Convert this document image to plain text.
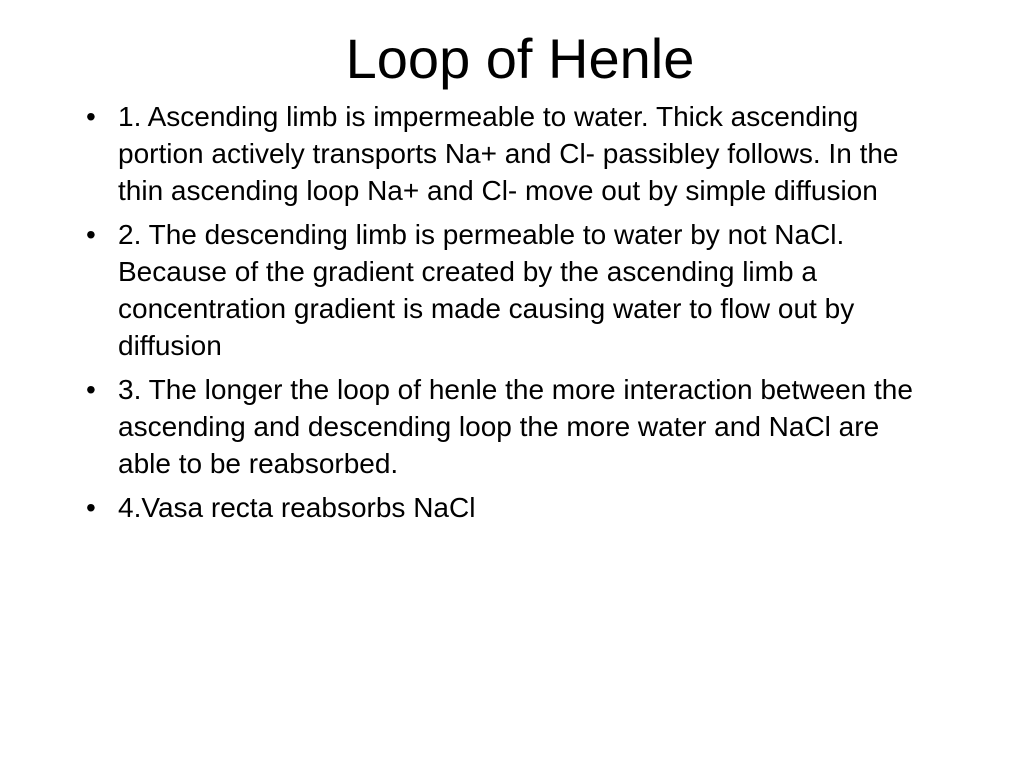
Loop of Henle
• 1. Ascending limb is impermeable to water. Thick ascending portion actively transports Na+ and Cl- passibley follows. In the thin ascending loop Na+ and Cl- move out by simple diffusion
• 2. The descending limb is permeable to water by not NaCl. Because of the gradient created by the ascending limb a concentration gradient is made causing water to flow out by diffusion
• 3. The longer the loop of henle the more interaction between the ascending and descending loop the more water and NaCl are able to be reabsorbed.
• 4.Vasa recta reabsorbs NaCl
